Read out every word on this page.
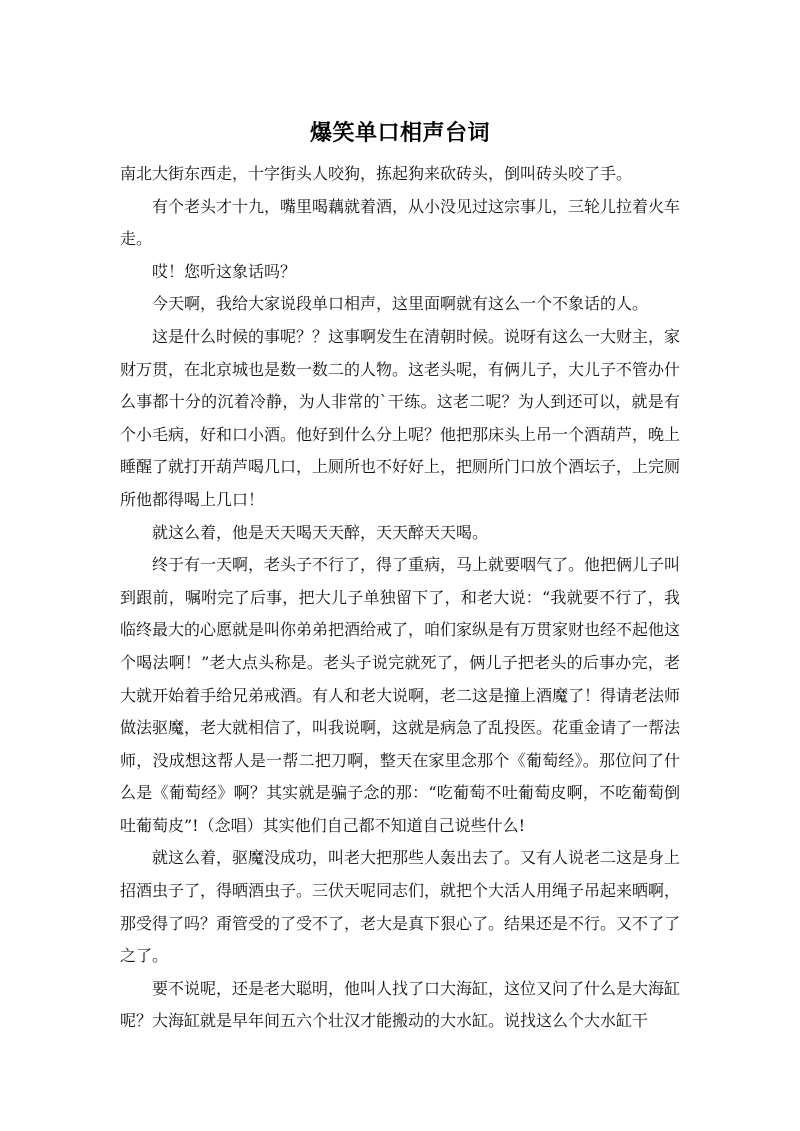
爆笑单口相声台词

南北大街东西走，十字街头人咬狗，拣起狗来砍砖头，倒叫砖头咬了手。

有个老头才十九，嘴里喝藕就着酒，从小没见过这宗事儿，三轮儿拉着火车走。

哎！您听这象话吗？

今天啊，我给大家说段单口相声，这里面啊就有这么一个不象话的人。

这是什么时候的事呢？？这事啊发生在清朝时候。说呀有这么一大财主，家财万贯，在北京城也是数一数二的人物。这老头呢，有俩儿子，大儿子不管办什么事都十分的沉着冷静，为人非常的`干练。这老二呢？为人到还可以，就是有个小毛病，好和口小酒。他好到什么分上呢？他把那床头上吊一个酒葫芦，晚上睡醒了就打开葫芦喝几口，上厕所也不好好上，把厕所门口放个酒坛子，上完厕所他都得喝上几口！

就这么着，他是天天喝天天醉，天天醉天天喝。

终于有一天啊，老头子不行了，得了重病，马上就要咽气了。他把俩儿子叫到跟前，嘱咐完了后事，把大儿子单独留下了，和老大说：“我就要不行了，我临终最大的心愿就是叫你弟弟把酒给戒了，咱们家纵是有万贯家财也经不起他这个喝法啊！”老大点头称是。老头子说完就死了，俩儿子把老头的后事办完，老大就开始着手给兄弟戒酒。有人和老大说啊，老二这是撞上酒魔了！得请老法师做法驱魔，老大就相信了，叫我说啊，这就是病急了乱投医。花重金请了一帮法师，没成想这帮人是一帮二把刀啊，整天在家里念那个《葡萄经》。那位问了什么是《葡萄经》啊？其实就是骗子念的那：“吃葡萄不吐葡萄皮啊，不吃葡萄倒吐葡萄皮”!（念唱）其实他们自己都不知道自己说些什么!

就这么着，驱魔没成功，叫老大把那些人轰出去了。又有人说老二这是身上招酒虫子了，得晒酒虫子。三伏天呢同志们，就把个大活人用绳子吊起来晒啊，那受得了吗？甭管受的了受不了，老大是真下狠心了。结果还是不行。又不了了之了。

要不说呢，还是老大聪明，他叫人找了口大海缸，这位又问了什么是大海缸呢？大海缸就是早年间五六个壮汉才能搬动的大水缸。说找这么个大水缸干
